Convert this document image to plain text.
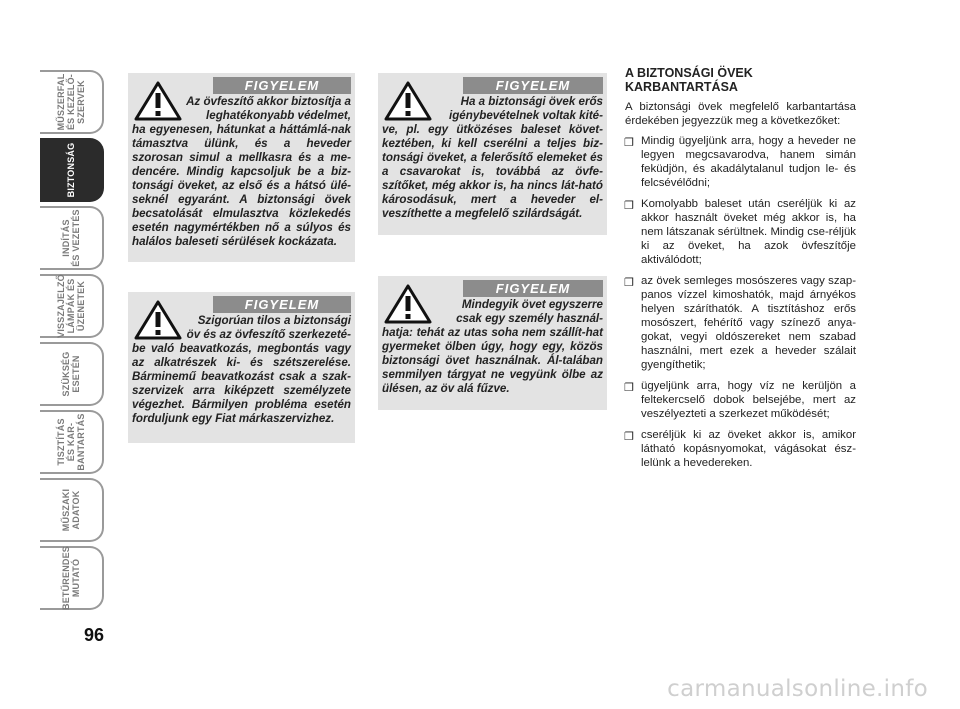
MŰSZERFAL
ÉS KEZELŐ-
SZERVEK
BIZTONSÁG
INDÍTÁS
ÉS VEZETÉS
VISSZAJELZŐ
LÁMPÁK ÉS
ÜZENETEK
SZÜKSÉG
ESETÉN
TISZTÍTÁS
ÉS KAR-
BANTARTÁS
MŰSZAKI
ADATOK
BETŰRENDES
MUTATÓ
96
FIGYELEM

Az övfeszítő akkor biztosítja a leghatékonyabb védelmet,

ha egyenesen, hátunkat a háttámlá-nak támasztva ülünk, és a heveder szorosan simul a mellkasra és a me-dencére. Mindig kapcsoljuk be a biz-tonsági öveket, az első és a hátsó ülé-seknél egyaránt. A biztonsági övek becsatolását elmulasztva közlekedés esetén nagymértékben nő a súlyos és halálos baleseti sérülések kockázata.

FIGYELEM

Szigorúan tilos a biztonsági öv és az övfeszítő szerkezeté-

be való beavatkozás, megbontás vagy az alkatrészek ki- és szétszerelése. Bárminemű beavatkozást csak a szak-szervizek arra kiképzett személyzete végezhet. Bármilyen probléma esetén forduljunk egy Fiat márkaszervizhez.

FIGYELEM

Ha a biztonsági övek erős igénybevételnek voltak kité-

ve, pl. egy ütközéses baleset követ-keztében, ki kell cserélni a teljes biz-tonsági öveket, a felerősítő elemeket és a csavarokat is, továbbá az övfe-szítőket, még akkor is, ha nincs lát-ható károsodásuk, mert a heveder el-veszíthette a megfelelő szilárdságát.

FIGYELEM

Mindegyik övet egyszerre csak egy személy használ-

hatja: tehát az utas soha nem szállít-hat gyermeket ölben úgy, hogy egy, közös biztonsági övet használnak. Ál-talában semmilyen tárgyat ne vegyünk ölbe az ülésen, az öv alá fűzve.

A BIZTONSÁGI ÖVEK KARBANTARTÁSA

A biztonsági övek megfelelő karbantartása érdekében jegyezzük meg a következőket:

❐ Mindig ügyeljünk arra, hogy a heveder ne legyen megcsavarodva, hanem simán feküdjön, és akadálytalanul tudjon le- és felcsévélődni;
❐ Komolyabb baleset után cseréljük ki az akkor használt öveket még akkor is, ha nem látszanak sérültnek. Mindig cse-réljük ki az öveket, ha azok övfeszítője aktiválódott;
❐ az övek semleges mosószeres vagy szap-panos vízzel kimoshatók, majd árnyékos helyen száríthatók. A tisztításhoz erős mosószert, fehérítő vagy színező anya-gokat, vegyi oldószereket nem szabad használni, mert ezek a heveder szálait gyengíthetik;
❐ ügyeljünk arra, hogy víz ne kerüljön a feltekercselő dobok belsejébe, mert az veszélyezteti a szerkezet működését;
❐ cseréljük ki az öveket akkor is, amikor látható kopásnyomokat, vágásokat ész-lelünk a hevedereken.
carmanualsonline.info
